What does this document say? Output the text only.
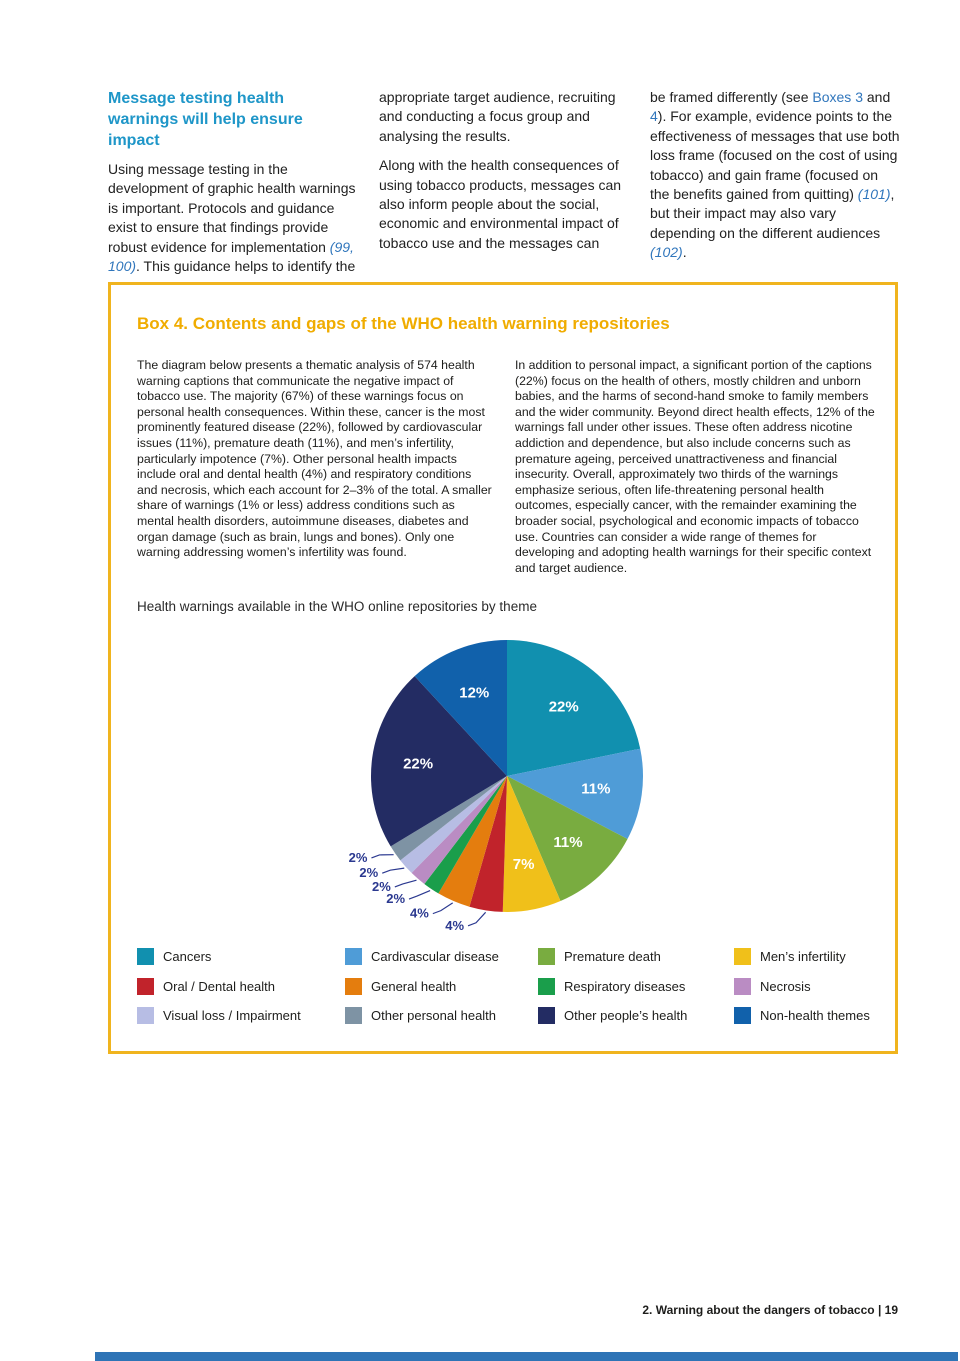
Message testing health warnings will help ensure impact

Using message testing in the development of graphic health warnings is important. Protocols and guidance exist to ensure that findings provide robust evidence for implementation (99, 100). This guidance helps to identify the

appropriate target audience, recruiting and conducting a focus group and analysing the results.

Along with the health consequences of using tobacco products, messages can also inform people about the social, economic and environmental impact of tobacco use and the messages can

be framed differently (see Boxes 3 and 4). For example, evidence points to the effectiveness of messages that use both loss frame (focused on the cost of using tobacco) and gain frame (focused on the benefits gained from quitting) (101), but their impact may also vary depending on the different audiences (102).

Box 4. Contents and gaps of the WHO health warning repositories

The diagram below presents a thematic analysis of 574 health warning captions that communicate the negative impact of tobacco use. The majority (67%) of these warnings focus on personal health consequences. Within these, cancer is the most prominently featured disease (22%), followed by cardiovascular issues (11%), premature death (11%), and men’s infertility, particularly impotence (7%). Other personal health impacts include oral and dental health (4%) and respiratory conditions and necrosis, which each account for 2–3% of the total. A smaller share of warnings (1% or less) address conditions such as mental health disorders, autoimmune diseases, diabetes and organ damage (such as brain, lungs and bones). Only one warning addressing women’s infertility was found.

In addition to personal impact, a significant portion of the captions (22%) focus on the health of others, mostly children and unborn babies, and the harms of second-hand smoke to family members and the wider community. Beyond direct health effects, 12% of the warnings fall under other issues. These often address nicotine addiction and dependence, but also include concerns such as premature ageing, perceived unattractiveness and financial insecurity. Overall, approximately two thirds of the warnings emphasize serious, often life-threatening personal health outcomes, especially cancer, with the remainder examining the broader social, psychological and economic impacts of tobacco use. Countries can consider a wide range of themes for developing and adopting health warnings for their specific context and target audience.

Health warnings available in the WHO online repositories by theme
22%
11%
11%
7%
4%
4%
2%
2%
2%
2%
22%
12%
Cancers	Cardivascular disease	Premature death	Men’s infertility
Oral / Dental health	General health	Respiratory diseases	Necrosis
Visual loss / Impairment	Other personal health	Other people’s health	Non-health themes
2. Warning about the dangers of tobacco | 19
